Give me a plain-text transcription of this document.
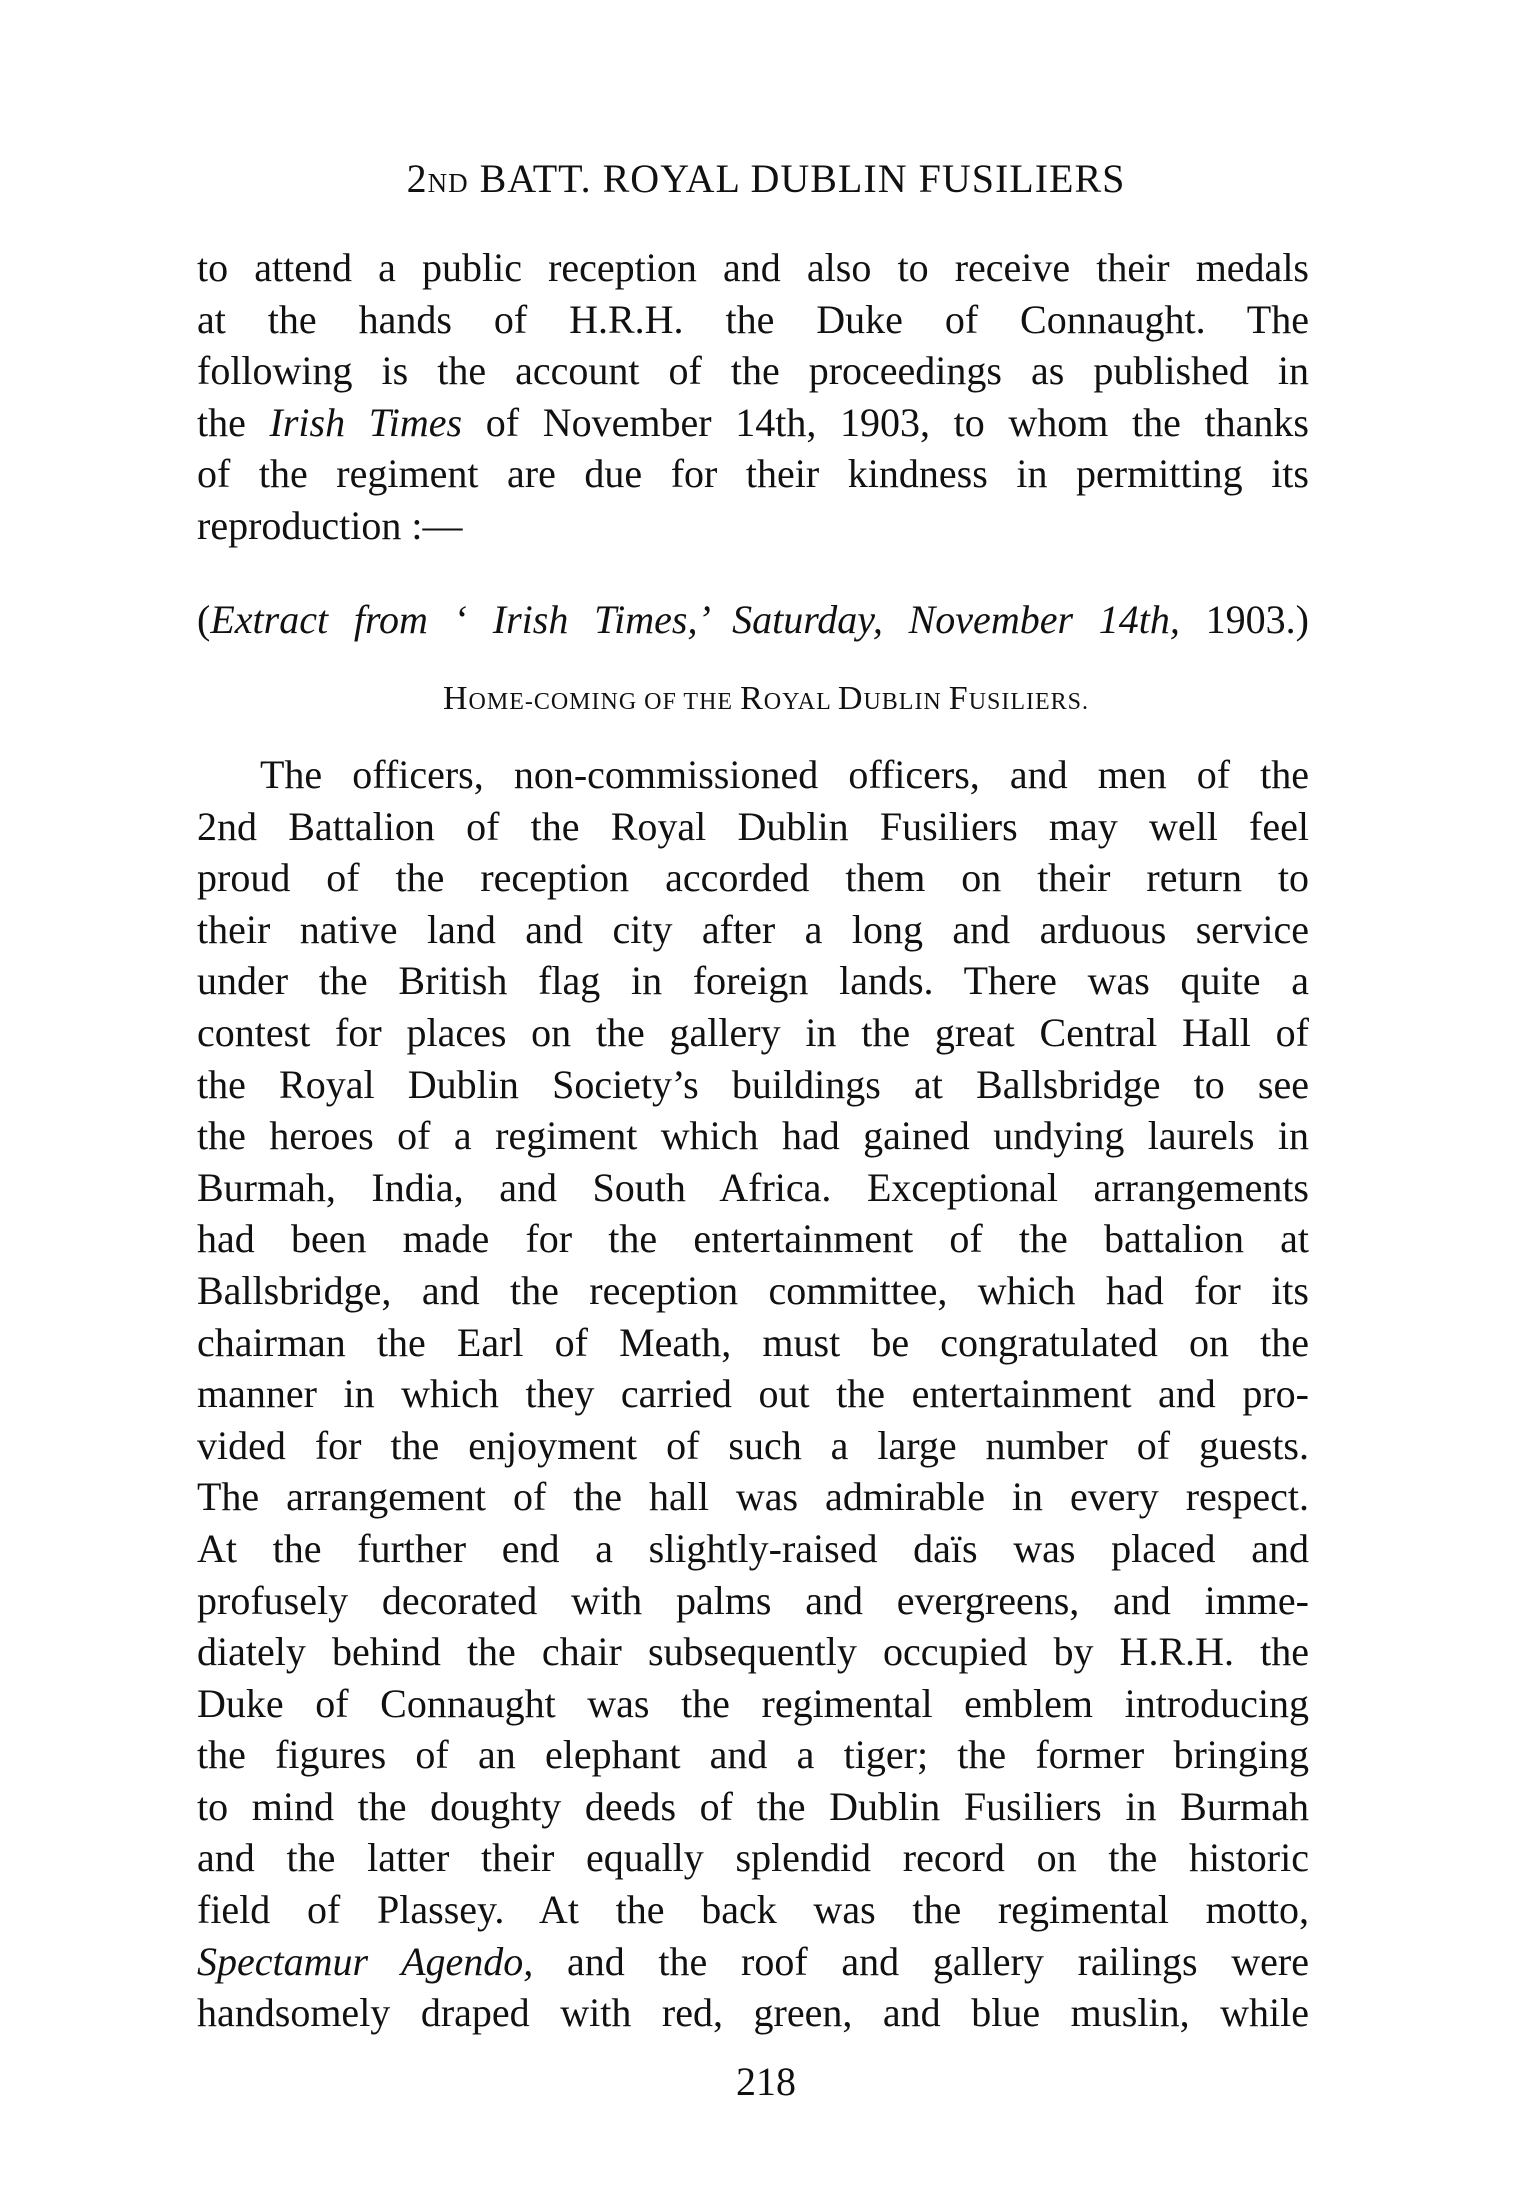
2ND BATT. ROYAL DUBLIN FUSILIERS
to attend a public reception and also to receive their medals
at the hands of H.R.H. the Duke of Connaught. The
following is the account of the proceedings as published in
the Irish Times of November 14th, 1903, to whom the thanks
of the regiment are due for their kindness in permitting its
reproduction :—
(Extract from ‘ Irish Times,’ Saturday, November 14th, 1903.)
HOME-COMING OF THE ROYAL DUBLIN FUSILIERS.
The officers, non-commissioned officers, and men of the
2nd Battalion of the Royal Dublin Fusiliers may well feel
proud of the reception accorded them on their return to
their native land and city after a long and arduous service
under the British flag in foreign lands. There was quite a
contest for places on the gallery in the great Central Hall of
the Royal Dublin Society’s buildings at Ballsbridge to see
the heroes of a regiment which had gained undying laurels in
Burmah, India, and South Africa. Exceptional arrangements
had been made for the entertainment of the battalion at
Ballsbridge, and the reception committee, which had for its
chairman the Earl of Meath, must be congratulated on the
manner in which they carried out the entertainment and pro-
vided for the enjoyment of such a large number of guests.
The arrangement of the hall was admirable in every respect.
At the further end a slightly-raised daïs was placed and
profusely decorated with palms and evergreens, and imme-
diately behind the chair subsequently occupied by H.R.H. the
Duke of Connaught was the regimental emblem introducing
the figures of an elephant and a tiger; the former bringing
to mind the doughty deeds of the Dublin Fusiliers in Burmah
and the latter their equally splendid record on the historic
field of Plassey. At the back was the regimental motto,
Spectamur Agendo, and the roof and gallery railings were
handsomely draped with red, green, and blue muslin, while
218
